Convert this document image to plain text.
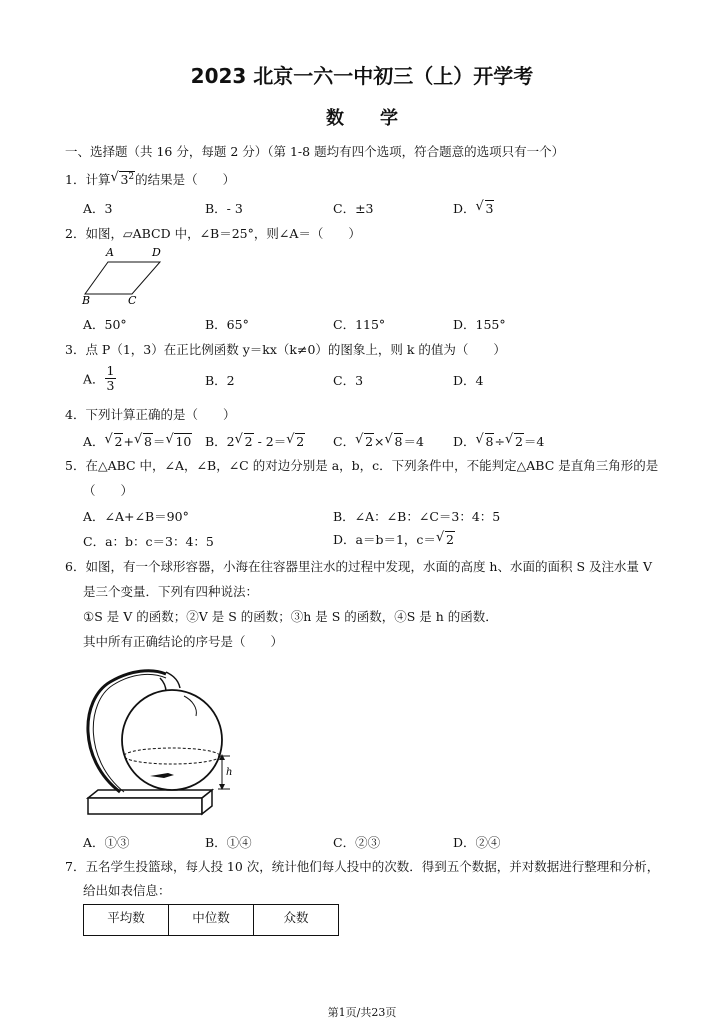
2023 北京一六一中初三（上）开学考
数学
一、选择题（共 16 分，每题 2 分）（第 1-8 题均有四个选项，符合题意的选项只有一个）
1．计算 √ $3^2$的结果是（　　）
A．3	B．- 3	C．±3	D． √ 3
2．如图，▱ABCD 中，∠B＝25°，则∠A＝（　　）
A	D
B	C
A．50°	B．65°	C．115°	D．155°
3．点 P（1，3）在正比例函数 y＝kx（k≠0）的图象上，则 k 的值为（　　）
A． $\frac{1}{3}$	B．2	C．3	D．4
4．下列计算正确的是（　　）
A． √ 2+ √ 8＝ √ 10 B．2 √ 2 - 2＝ √ 2 C． √ 2× √ 8＝4 D． √ 8÷ √ 2＝4
5．在△ABC 中，∠A，∠B，∠C 的对边分别是 a，b，c．下列条件中，不能判定△ABC 是直角三角形的是
（　　）
A．∠A+∠B＝90°	B．∠A：∠B：∠C＝3：4：5
C．a：b：c＝3：4：5	D．a＝b＝1，c＝ √ 2
6．如图，有一个球形容器，小海在往容器里注水的过程中发现，水面的高度 h、水面的面积 S 及注水量 V
是三个变量．下列有四种说法：
①S 是 V 的函数；②V 是 S 的函数；③h 是 S 的函数，④S 是 h 的函数．
其中所有正确结论的序号是（　　）
h
A．①③	B．①④	C．②③	D．②④
7．五名学生投篮球，每人投 10 次，统计他们每人投中的次数．得到五个数据，并对数据进行整理和分析，
给出如表信息：
平均数	中位数	众数
第1页/共23页
